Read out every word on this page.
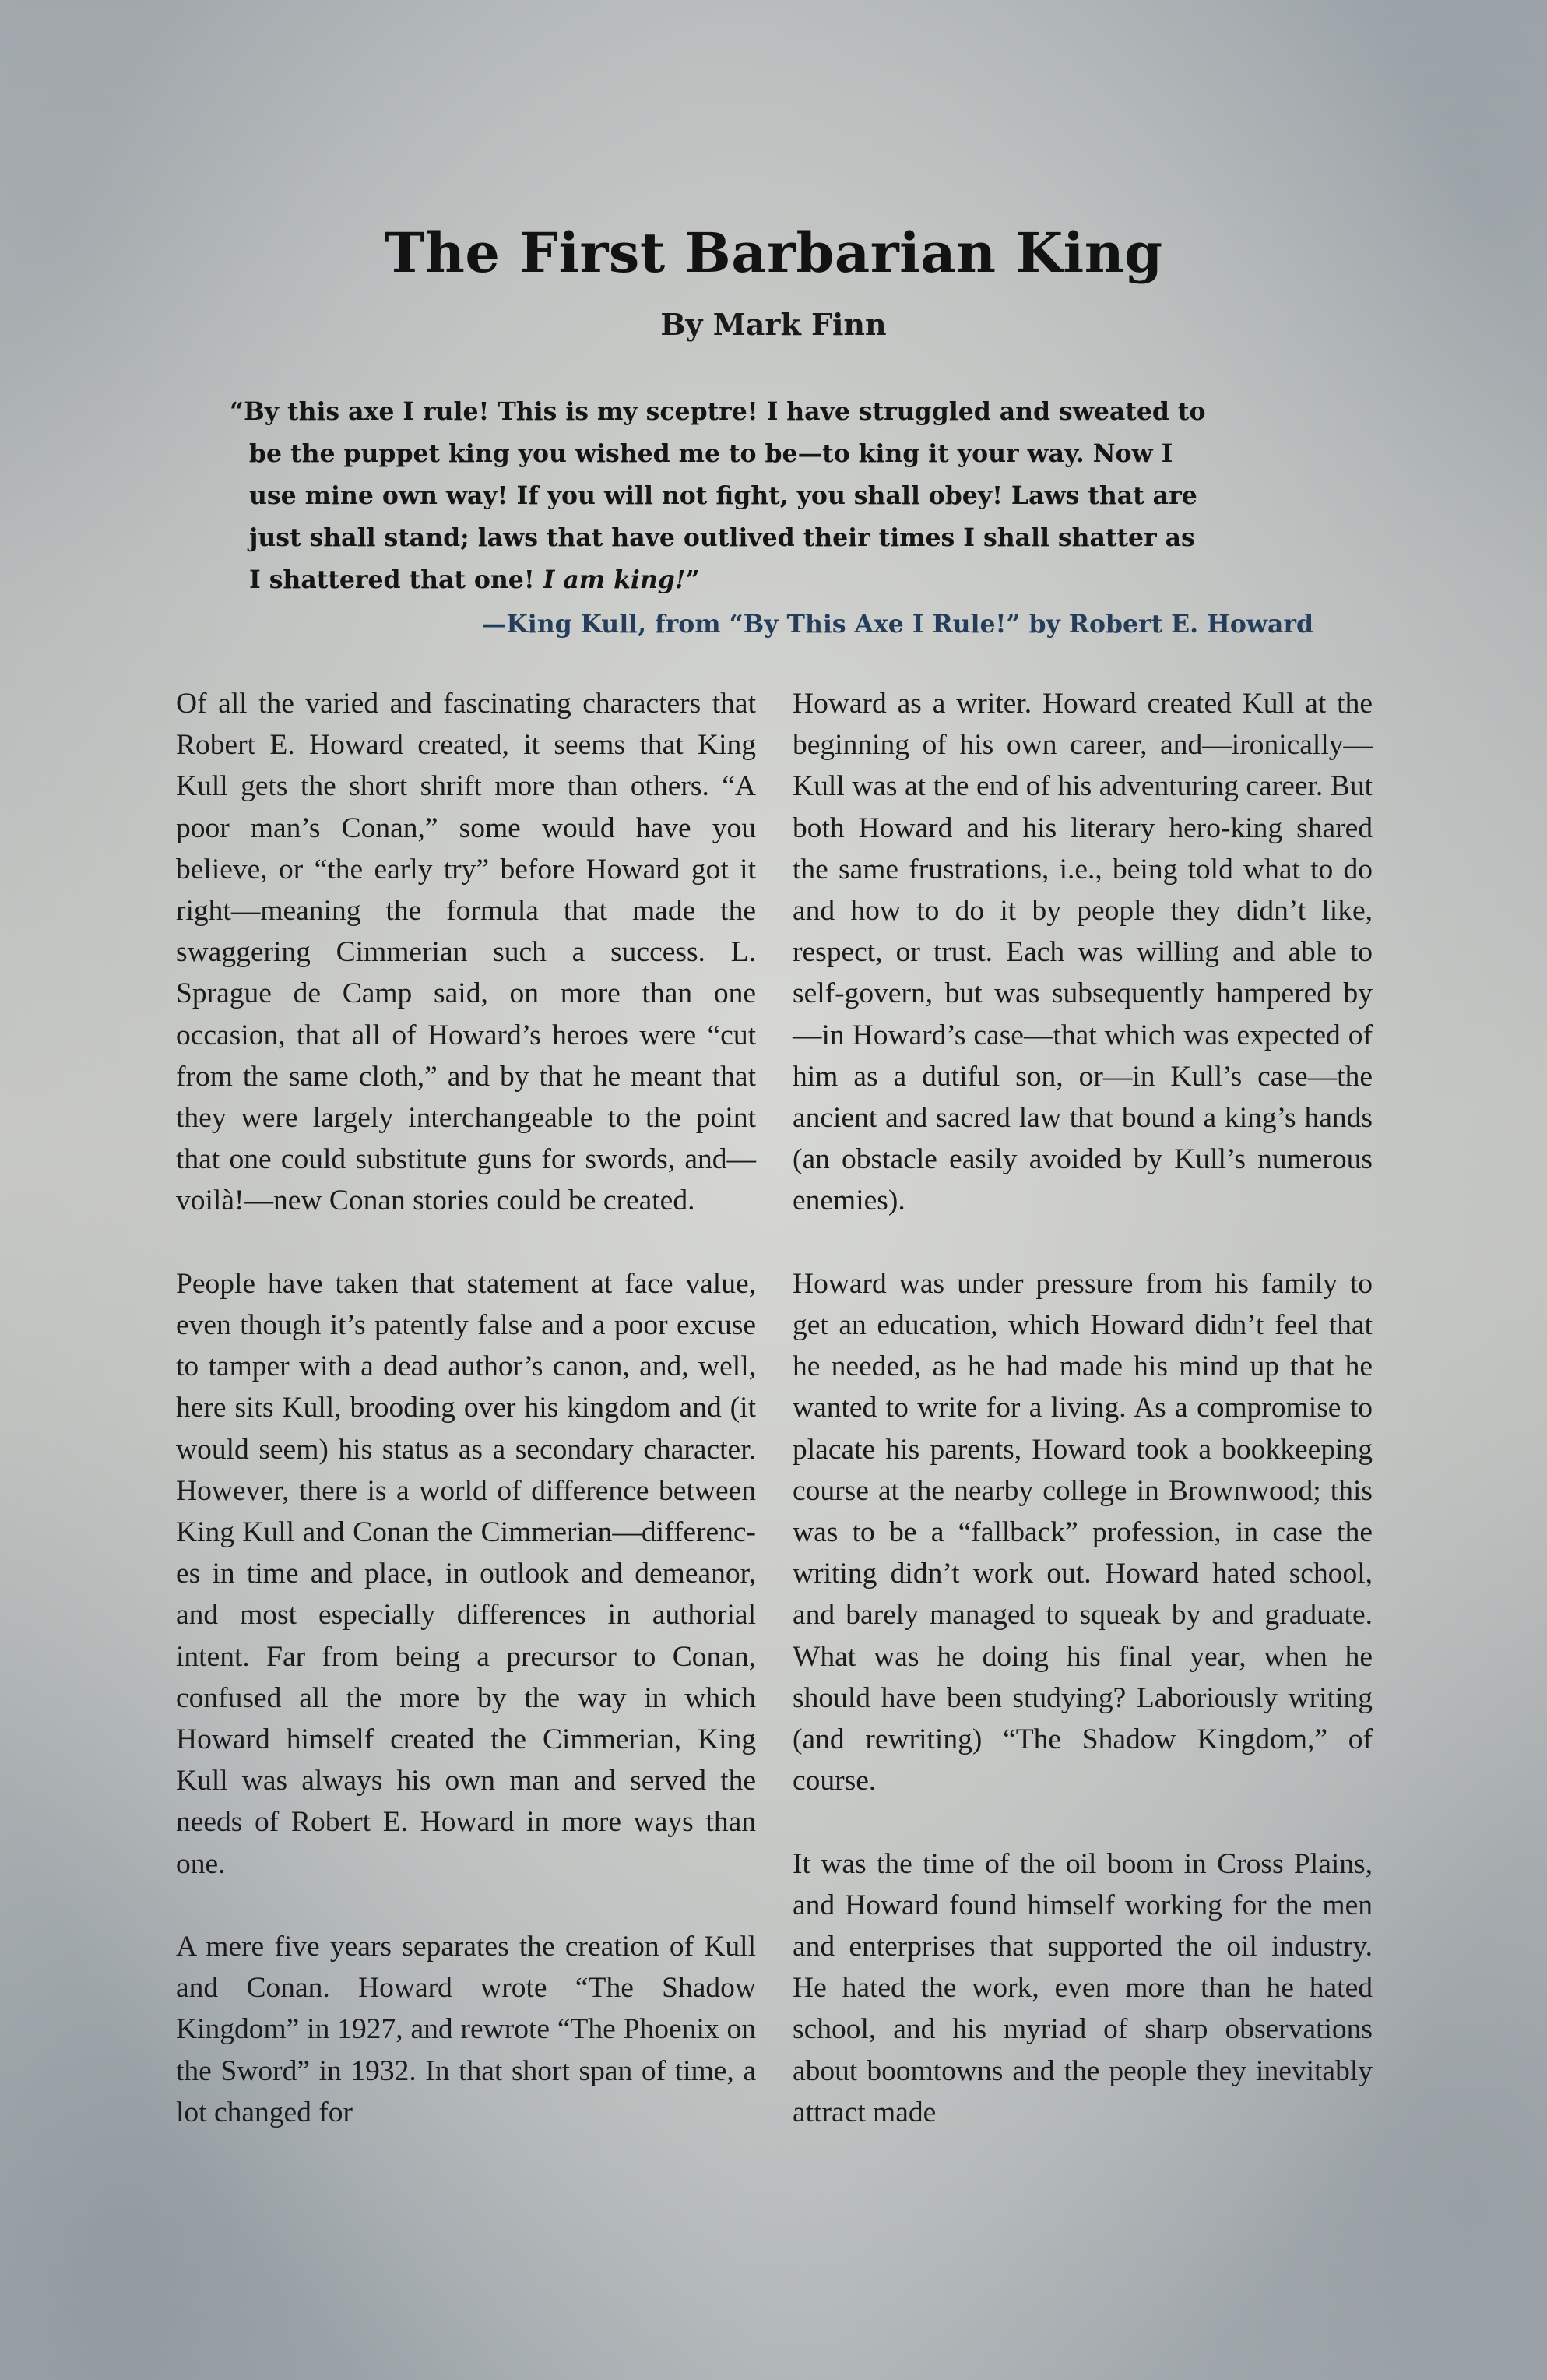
The First Barbarian King
By Mark Finn
“By this axe I rule! This is my sceptre! I have struggled and sweated to
be the puppet king you wished me to be—to king it your way. Now I
use mine own way! If you will not fight, you shall obey! Laws that are
just shall stand; laws that have outlived their times I shall shatter as
I shattered that one! I am king!”
—King Kull, from “By This Axe I Rule!” by Robert E. Howard

Of all the varied and fascinating characters that Robert E. Howard created, it seems that King Kull gets the short shrift more than others. “A poor man’s Conan,” some would have you believe, or “the early try” before Howard got it right—meaning the formula that made the swaggering Cimmerian such a success. L. Sprague de Camp said, on more than one occasion, that all of Howard’s heroes were “cut from the same cloth,” and by that he meant that they were largely interchangeable to the point that one could substitute guns for swords, and—voilà!—new Conan stories could be created.

People have taken that statement at face value, even though it’s patently false and a poor excuse to tamper with a dead author’s canon, and, well, here sits Kull, brooding over his kingdom and (it would seem) his status as a secondary character. However, there is a world of difference between King Kull and Conan the Cimmerian—differences in time and place, in outlook and demeanor, and most especially differences in authorial intent. Far from being a precursor to Conan, confused all the more by the way in which Howard himself created the Cimmerian, King Kull was always his own man and served the needs of Robert E. Howard in more ways than one.

A mere five years separates the creation of Kull and Conan. Howard wrote “The Shadow Kingdom” in 1927, and rewrote “The Phoenix on the Sword” in 1932. In that short span of time, a lot changed for

Howard as a writer. Howard created Kull at the beginning of his own career, and—ironically—Kull was at the end of his adventuring career. But both Howard and his literary hero-king shared the same frustrations, i.e., being told what to do and how to do it by people they didn’t like, respect, or trust. Each was willing and able to self-govern, but was subsequently hampered by—in Howard’s case—that which was expected of him as a dutiful son, or—in Kull’s case—the ancient and sacred law that bound a king’s hands (an obstacle easily avoided by Kull’s numerous enemies).

Howard was under pressure from his family to get an education, which Howard didn’t feel that he needed, as he had made his mind up that he wanted to write for a living. As a compromise to placate his parents, Howard took a bookkeeping course at the nearby college in Brownwood; this was to be a “fallback” profession, in case the writing didn’t work out. Howard hated school, and barely managed to squeak by and graduate. What was he doing his final year, when he should have been studying? Laboriously writing (and rewriting) “The Shadow Kingdom,” of course.

It was the time of the oil boom in Cross Plains, and Howard found himself working for the men and enterprises that supported the oil industry. He hated the work, even more than he hated school, and his myriad of sharp observations about boomtowns and the people they inevitably attract made
